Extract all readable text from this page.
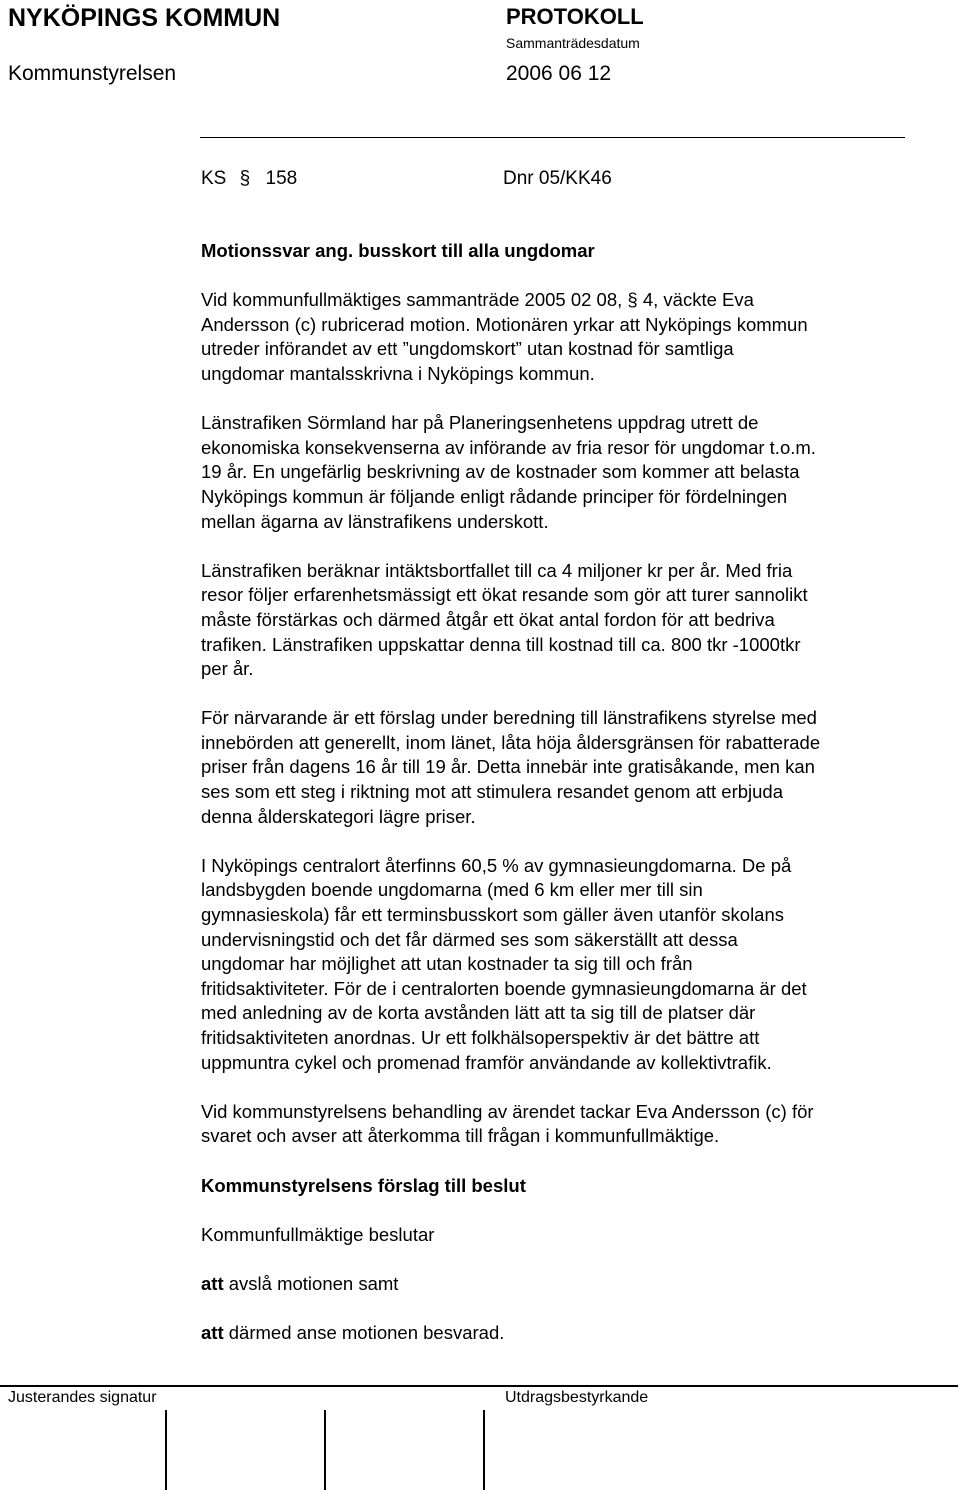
NYKÖPINGS KOMMUN	PROTOKOLL
Sammanträdesdatum
Kommunstyrelsen	2006 06 12
KS § 158	Dnr 05/KK46

Motionssvar ang. busskort till alla ungdomar

Vid kommunfullmäktiges sammanträde 2005 02 08, § 4, väckte Eva

Andersson (c) rubricerad motion. Motionären yrkar att Nyköpings kommun

utreder införandet av ett ”ungdomskort” utan kostnad för samtliga

ungdomar mantalsskrivna i Nyköpings kommun.

Länstrafiken Sörmland har på Planeringsenhetens uppdrag utrett de

ekonomiska konsekvenserna av införande av fria resor för ungdomar t.o.m.

19 år. En ungefärlig beskrivning av de kostnader som kommer att belasta

Nyköpings kommun är följande enligt rådande principer för fördelningen

mellan ägarna av länstrafikens underskott.

Länstrafiken beräknar intäktsbortfallet till ca 4 miljoner kr per år. Med fria

resor följer erfarenhetsmässigt ett ökat resande som gör att turer sannolikt

måste förstärkas och därmed åtgår ett ökat antal fordon för att bedriva

trafiken. Länstrafiken uppskattar denna till kostnad till ca. 800 tkr -1000tkr

per år.

För närvarande är ett förslag under beredning till länstrafikens styrelse med

innebörden att generellt, inom länet, låta höja åldersgränsen för rabatterade

priser från dagens 16 år till 19 år. Detta innebär inte gratisåkande, men kan

ses som ett steg i riktning mot att stimulera resandet genom att erbjuda

denna ålderskategori lägre priser.

I Nyköpings centralort återfinns 60,5 % av gymnasieungdomarna. De på

landsbygden boende ungdomarna (med 6 km eller mer till sin

gymnasieskola) får ett terminsbusskort som gäller även utanför skolans

undervisningstid och det får därmed ses som säkerställt att dessa

ungdomar har möjlighet att utan kostnader ta sig till och från

fritidsaktiviteter. För de i centralorten boende gymnasieungdomarna är det

med anledning av de korta avstånden lätt att ta sig till de platser där

fritidsaktiviteten anordnas. Ur ett folkhälsoperspektiv är det bättre att

uppmuntra cykel och promenad framför användande av kollektivtrafik.

Vid kommunstyrelsens behandling av ärendet tackar Eva Andersson (c) för

svaret och avser att återkomma till frågan i kommunfullmäktige.

Kommunstyrelsens förslag till beslut

Kommunfullmäktige beslutar

att avslå motionen samt

att därmed anse motionen besvarad.

Justerandes signatur	Utdragsbestyrkande
